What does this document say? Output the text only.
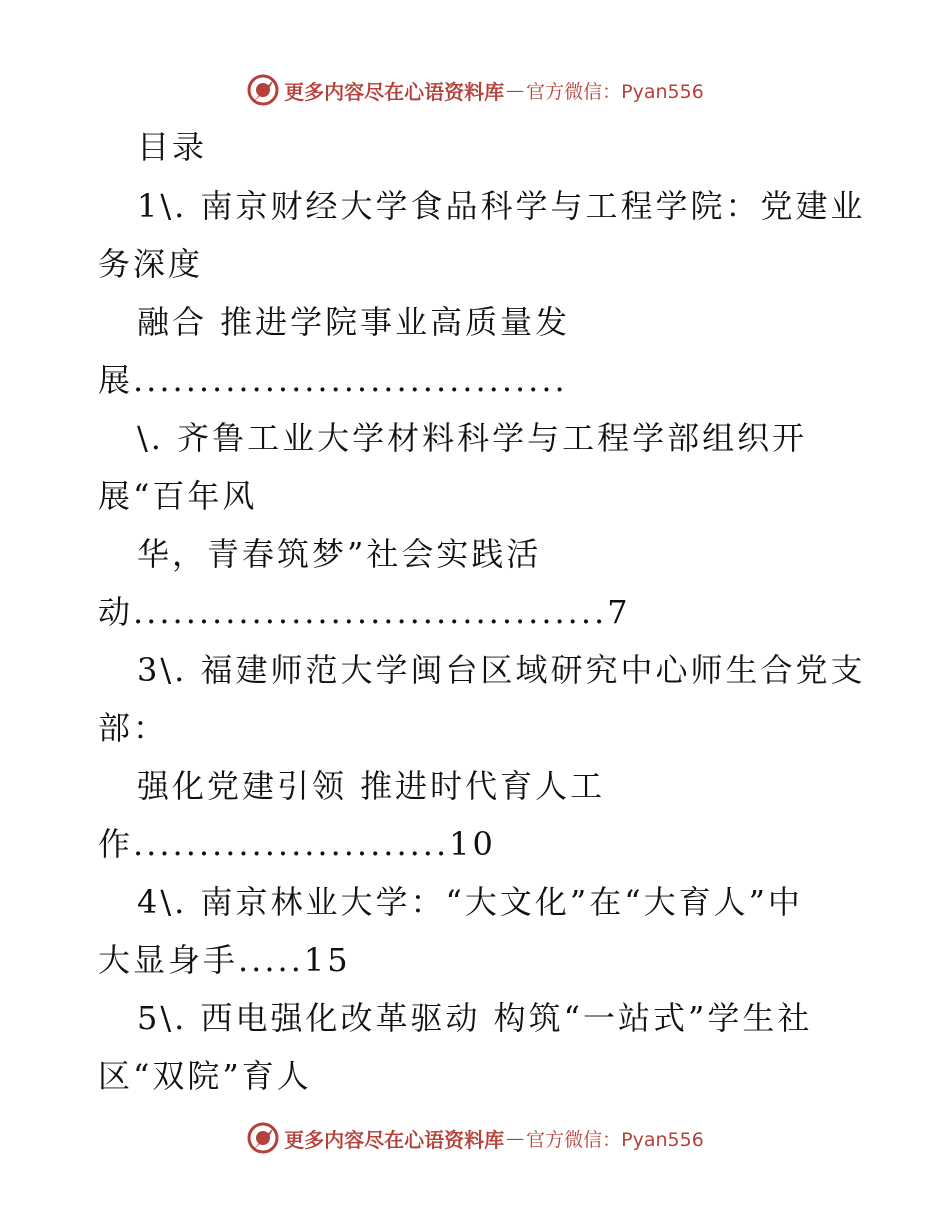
更多内容尽在心语资料库 — 官方微信：Pyan556
目录
1\. 南京财经大学食品科学与工程学院：党建业
务深度
融合 推进学院事业高质量发
展.................................
\. 齐鲁工业大学材料科学与工程学部组织开
展“百年风
华，青春筑梦”社会实践活
动....................................7
3\. 福建师范大学闽台区域研究中心师生合党支
部：
强化党建引领 推进时代育人工
作........................10
4\. 南京林业大学：“大文化”在“大育人”中
大显身手.....15
5\. 西电强化改革驱动 构筑“一站式”学生社
区“双院”育人
更多内容尽在心语资料库 — 官方微信：Pyan556
